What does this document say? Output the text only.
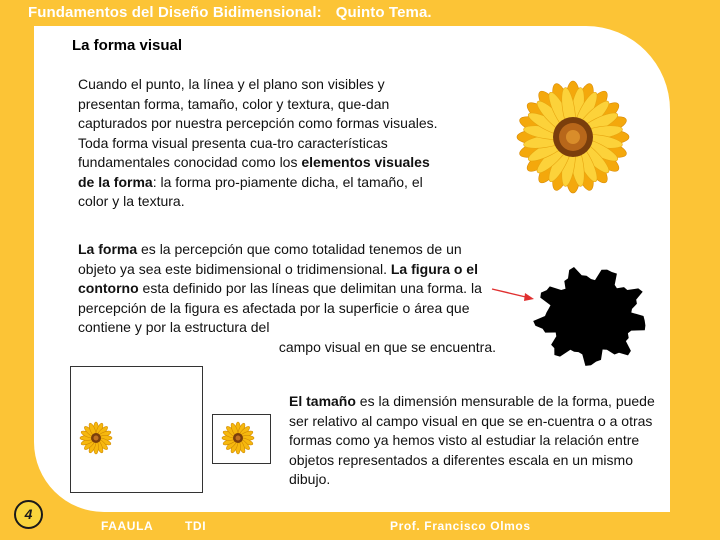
Fundamentos del Diseño Bidimensional: Quinto Tema.
La forma visual
Cuando el punto, la línea y el plano son visibles y presentan forma, tamaño, color y textura, que-dan capturados por nuestra percepción como formas visuales. Toda forma visual presenta cua-tro características fundamentales conocidad como los elementos visuales de la forma: la forma pro-piamente dicha, el tamaño, el color y la textura.
La forma es la percepción que como totalidad tenemos de un objeto ya sea este bidimensional o tridimensional. La figura o el contorno esta definido por las líneas que delimitan una forma. la percepción de la figura es afectada por la superficie o área que contiene y por la estructura del
campo visual en que se encuentra.
El tamaño es la dimensión mensurable de la forma, puede ser relativo al campo visual en que se en-cuentra o a otras formas como ya hemos visto al estudiar la relación entre objetos representados a diferentes escala en un mismo dibujo.
4
FAAULA	TDI	Prof. Francisco Olmos
